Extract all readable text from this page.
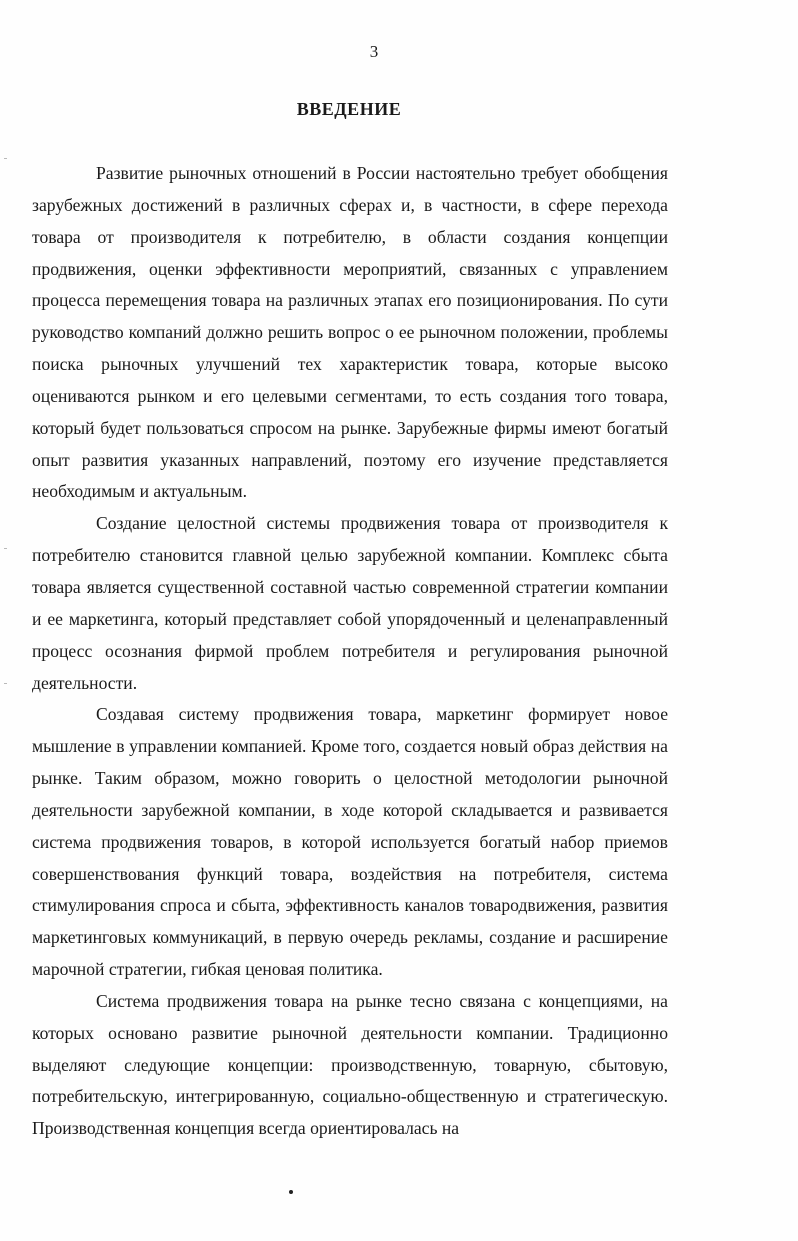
3
ВВЕДЕНИЕ

Развитие рыночных отношений в России настоятельно требует обобщения зарубежных достижений в различных сферах и, в частности, в сфере перехода товара от производителя к потребителю, в области создания концепции продвижения, оценки эффективности мероприятий, связанных с управлением процесса перемещения товара на различных этапах его позиционирования. По сути руководство компаний должно решить вопрос о ее рыночном положении, проблемы поиска рыночных улучшений тех характеристик товара, которые высоко оцениваются рынком и его целевыми сегментами, то есть создания того товара, который будет пользоваться спросом на рынке. Зарубежные фирмы имеют богатый опыт развития указанных направлений, поэтому его изучение представляется необходимым и актуальным.

Создание целостной системы продвижения товара от производителя к потребителю становится главной целью зарубежной компании. Комплекс сбыта товара является существенной составной частью современной стратегии компании и ее маркетинга, который представляет собой упорядоченный и целенаправленный процесс осознания фирмой проблем потребителя и регулирования рыночной деятельности.

Создавая систему продвижения товара, маркетинг формирует новое мышление в управлении компанией. Кроме того, создается новый образ действия на рынке. Таким образом, можно говорить о целостной методологии рыночной деятельности зарубежной компании, в ходе которой складывается и развивается система продвижения товаров, в которой используется богатый набор приемов совершенствования функций товара, воздействия на потребителя, система стимулирования спроса и сбыта, эффективность каналов товародвижения, развития маркетинговых коммуникаций, в первую очередь рекламы, создание и расширение марочной стратегии, гибкая ценовая политика.

Система продвижения товара на рынке тесно связана с концепциями, на которых основано развитие рыночной деятельности компании. Традиционно выделяют следующие концепции: производственную, товарную, сбытовую, потребительскую, интегрированную, социально-общественную и стратегическую. Производственная концепция всегда ориентировалась на
